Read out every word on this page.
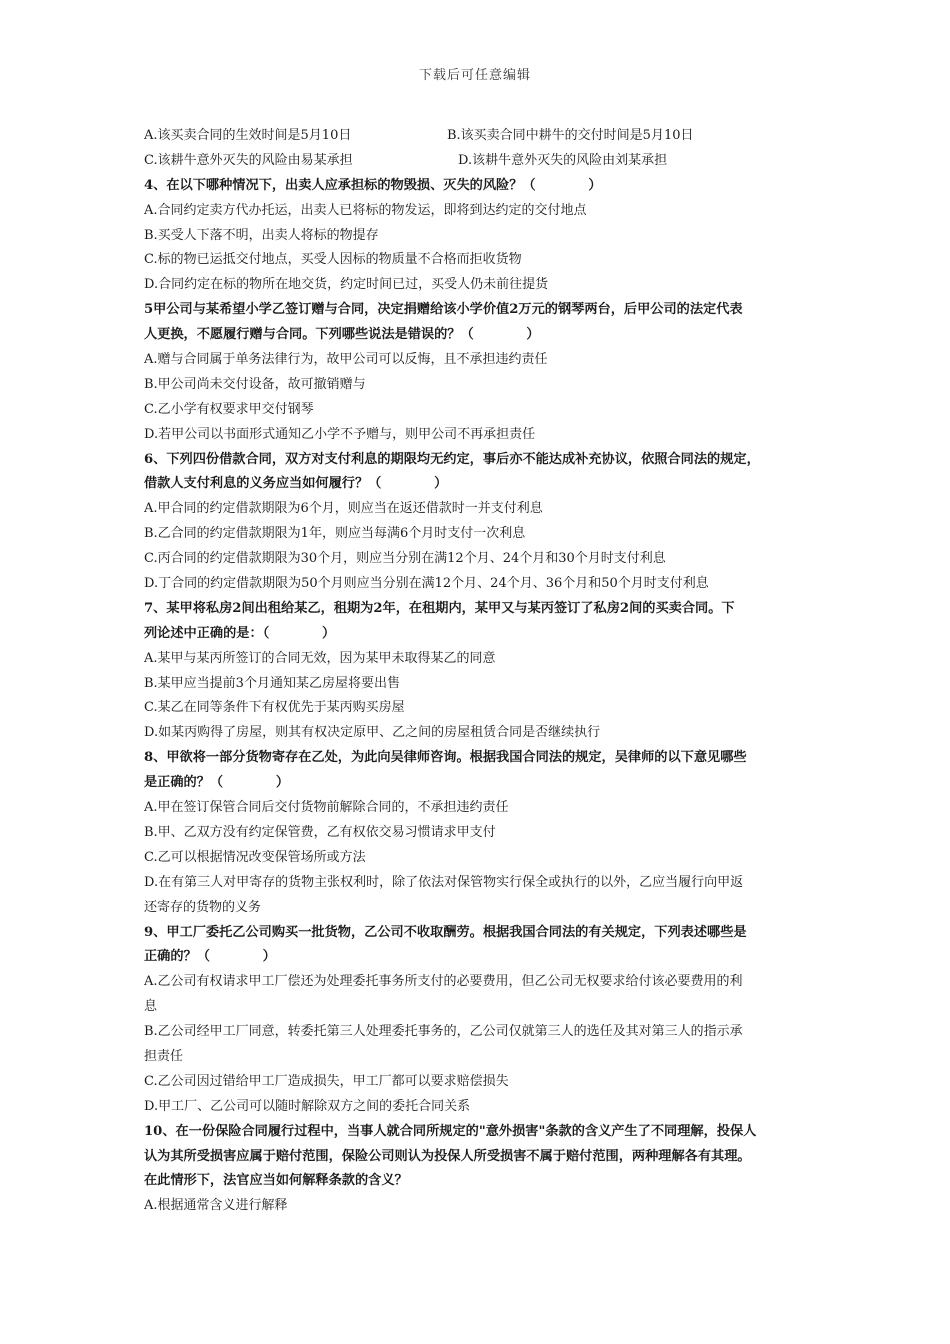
下载后可任意编辑
A.该买卖合同的生效时间是5月10日	B.该买卖合同中耕牛的交付时间是5月10日
C.该耕牛意外灭失的风险由易某承担	D.该耕牛意外灭失的风险由刘某承担
4、在以下哪种情况下，出卖人应承担标的物毁损、灭失的风险？（　　　　）
A.合同约定卖方代办托运，出卖人已将标的物发运，即将到达约定的交付地点
B.买受人下落不明，出卖人将标的物提存
C.标的物已运抵交付地点，买受人因标的物质量不合格而拒收货物
D.合同约定在标的物所在地交货，约定时间已过，买受人仍未前往提货
5甲公司与某希望小学乙签订赠与合同，决定捐赠给该小学价值2万元的钢琴两台，后甲公司的法定代表
人更换，不愿履行赠与合同。下列哪些说法是错误的？（　　　　）
A.赠与合同属于单务法律行为，故甲公司可以反悔，且不承担违约责任
B.甲公司尚未交付设备，故可撤销赠与
C.乙小学有权要求甲交付钢琴
D.若甲公司以书面形式通知乙小学不予赠与，则甲公司不再承担责任
6、下列四份借款合同，双方对支付利息的期限均无约定，事后亦不能达成补充协议，依照合同法的规定，
借款人支付利息的义务应当如何履行？（　　　　）
A.甲合同的约定借款期限为6个月，则应当在返还借款时一并支付利息
B.乙合同的约定借款期限为1年，则应当每满6个月时支付一次利息
C.丙合同的约定借款期限为30个月，则应当分别在满12个月、24个月和30个月时支付利息
D.丁合同的约定借款期限为50个月则应当分别在满12个月、24个月、36个月和50个月时支付利息
7、某甲将私房2间出租给某乙，租期为2年，在租期内，某甲又与某丙签订了私房2间的买卖合同。下
列论述中正确的是：（　　　　）
A.某甲与某丙所签订的合同无效，因为某甲未取得某乙的同意
B.某甲应当提前3个月通知某乙房屋将要出售
C.某乙在同等条件下有权优先于某丙购买房屋
D.如某丙购得了房屋，则其有权决定原甲、乙之间的房屋租赁合同是否继续执行
8、甲欲将一部分货物寄存在乙处，为此向吴律师咨询。根据我国合同法的规定，吴律师的以下意见哪些
是正确的？（　　　　）
A.甲在签订保管合同后交付货物前解除合同的，不承担违约责任
B.甲、乙双方没有约定保管费，乙有权依交易习惯请求甲支付
C.乙可以根据情况改变保管场所或方法
D.在有第三人对甲寄存的货物主张权利时，除了依法对保管物实行保全或执行的以外，乙应当履行向甲返
还寄存的货物的义务
9、甲工厂委托乙公司购买一批货物，乙公司不收取酬劳。根据我国合同法的有关规定，下列表述哪些是
正确的？（　　　　）
A.乙公司有权请求甲工厂偿还为处理委托事务所支付的必要费用，但乙公司无权要求给付该必要费用的利
息
B.乙公司经甲工厂同意，转委托第三人处理委托事务的，乙公司仅就第三人的选任及其对第三人的指示承
担责任
C.乙公司因过错给甲工厂造成损失，甲工厂都可以要求赔偿损失
D.甲工厂、乙公司可以随时解除双方之间的委托合同关系
10、在一份保险合同履行过程中，当事人就合同所规定的"意外损害"条款的含义产生了不同理解，投保人
认为其所受损害应属于赔付范围，保险公司则认为投保人所受损害不属于赔付范围，两种理解各有其理。
在此情形下，法官应当如何解释条款的含义？
A.根据通常含义进行解释
